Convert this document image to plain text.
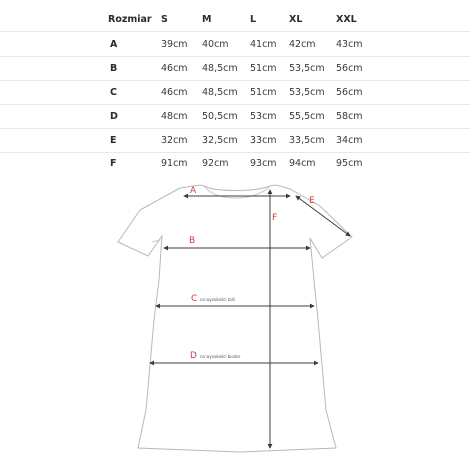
Rozmiar S	M	L	XL	XXL
A	39cm 40cm 41cm 42cm 43cm
B	46cm 48,5cm 51cm 53,5cm 56cm
C	46cm 48,5cm 51cm 53,5cm 56cm
D	48cm 50,5cm 53cm 55,5cm 58cm
E	32cm 32,5cm 33cm 33,5cm 34cm
F	91cm 92cm 93cm 94cm 95cm
A
B
C na wysokości talii
D na wysokości bioder
E
F
